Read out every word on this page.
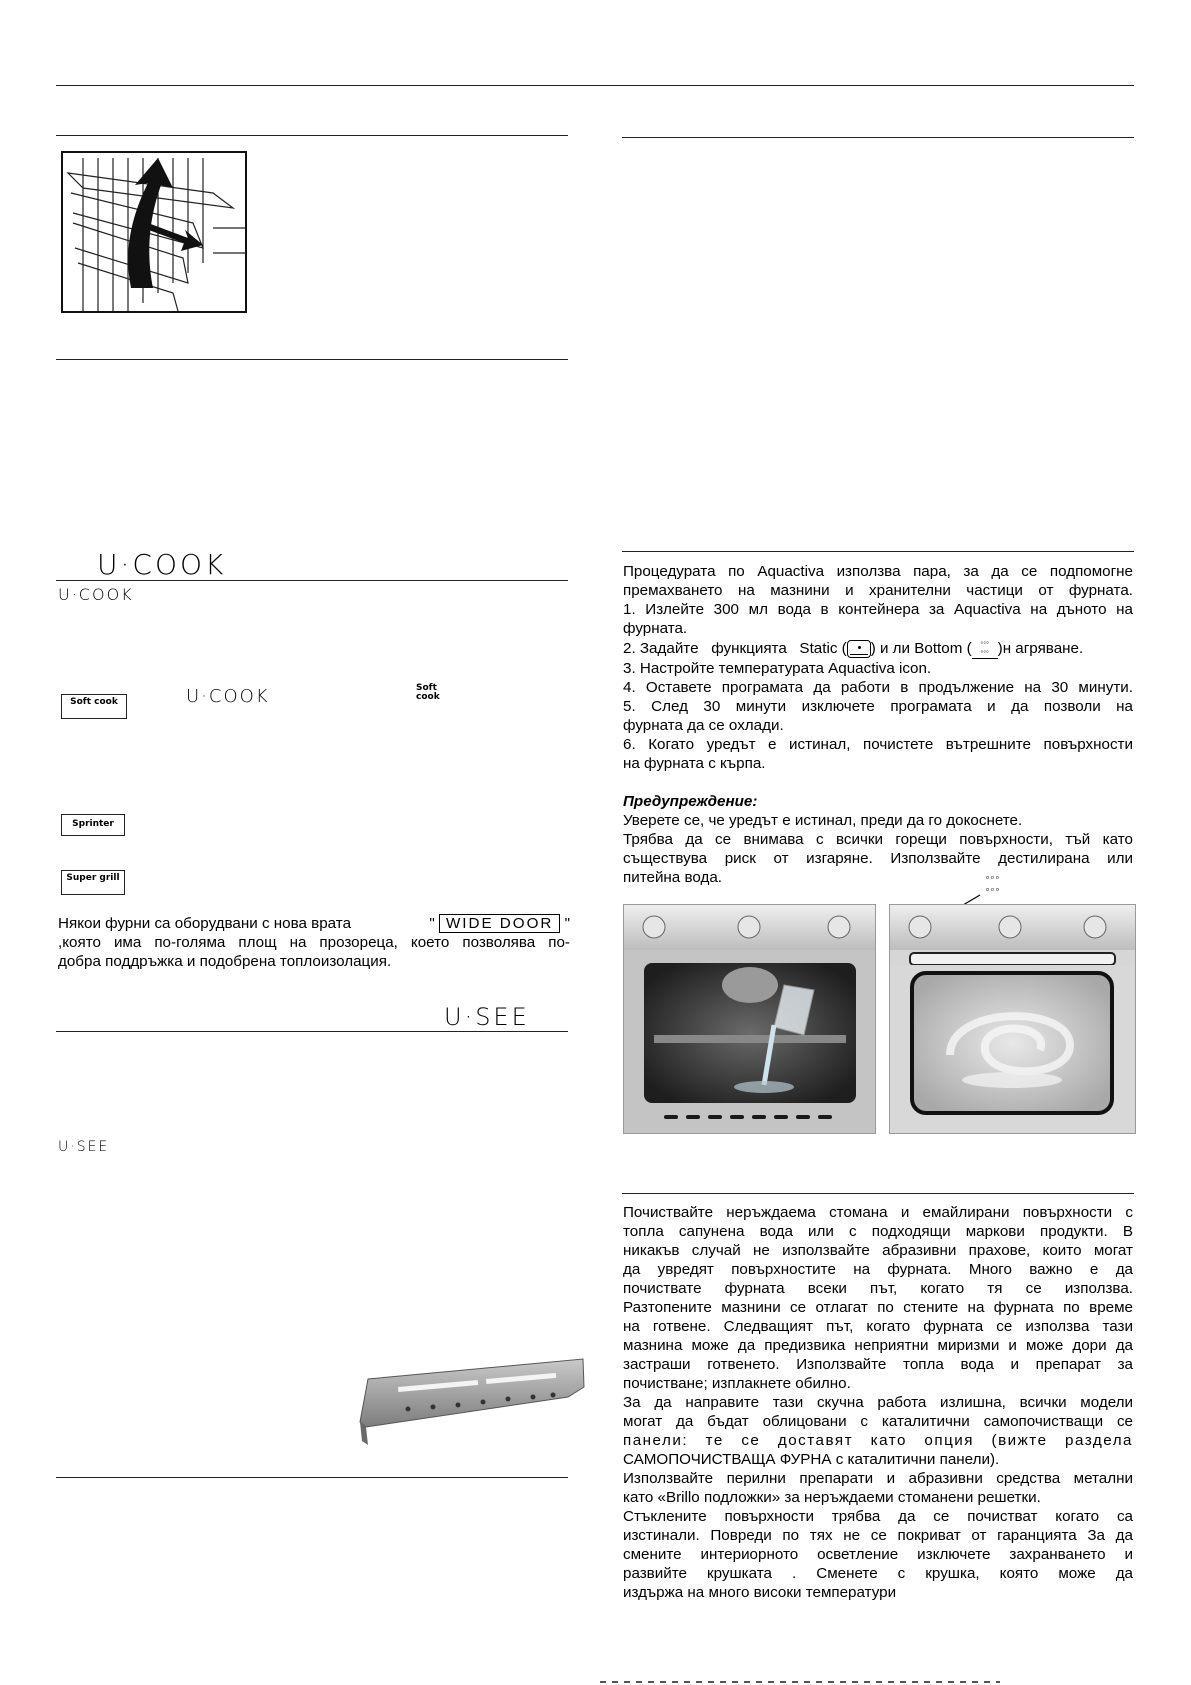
U·COOK
U·COOK
Soft cook	U·COOK	Soft cook
Sprinter
Super grill
Някои фурни са оборудвани с нова врата	" WIDE DOOR "
,която има по-голяма площ на прозореца, което позволява по-
добра поддръжка и подобрена топлоизолация.
U·SEE
U·SEE
Процедурата по Aquactiva използва пара, за да се подпомогне
премахването на мазнини и хранителни частици от фурната.
1. Излейте 300 мл вода в контейнера за Aquactiva на дъното на
фурната.
2. Задайте   функцията   Static (

) и ли Bottom (	◦◦◦
◦◦◦ )н агряване.
3. Настройте температурата Aquactiva icon.
4. Оставете програмата да работи в продължение на 30 минути.
5. След 30 минути изключете програмата и да позволи на
фурната да се охлади.
6. Когато уредът е истинал, почистете вътрешните повърхности
на фурната с кърпа.
Предупреждение:
Уверете се, че уредът е истинал, преди да го докоснете.
Трябва да се внимава с всички горещи повърхности, тъй като
съществува риск от изгаряне. Използвайте дестилирана или
питейна вода.	◦◦◦
◦◦◦
Почиствайте неръждаема стомана и емайлирани повърхности с
топла сапунена вода или с подходящи маркови продукти. В
никакъв случай не използвайте абразивни прахове, които могат
да увредят повърхностите на фурната. Много важно е да
почиствате фурната всеки път, когато тя се използва.
Разтопените мазнини се отлагат по стените на фурната по време
на готвене. Следващият път, когато фурната се използва тази
мазнина може да предизвика неприятни миризми и може дори да
застраши готвенето. Използвайте топла вода и препарат за
почистване; изплакнете обилно.
За да направите тази скучна работа излишна, всички модели
могат да бъдат облицовани с каталитични самопочистващи се
панели: те се доставят като опция (вижте раздела
САМОПОЧИСТВАЩА ФУРНА с каталитични панели).
Използвайте перилни препарати и абразивни средства метални
като «Brillo подложки» за неръждаеми стоманени решетки.
Стъклените повърхности трябва да се почистват когато са
изстинали. Повреди по тях не се покриват от гаранцията За да
смените интериорното осветление изключете захранването и
развийте крушката . Сменете с крушка, която може да
издържа на много високи температури
